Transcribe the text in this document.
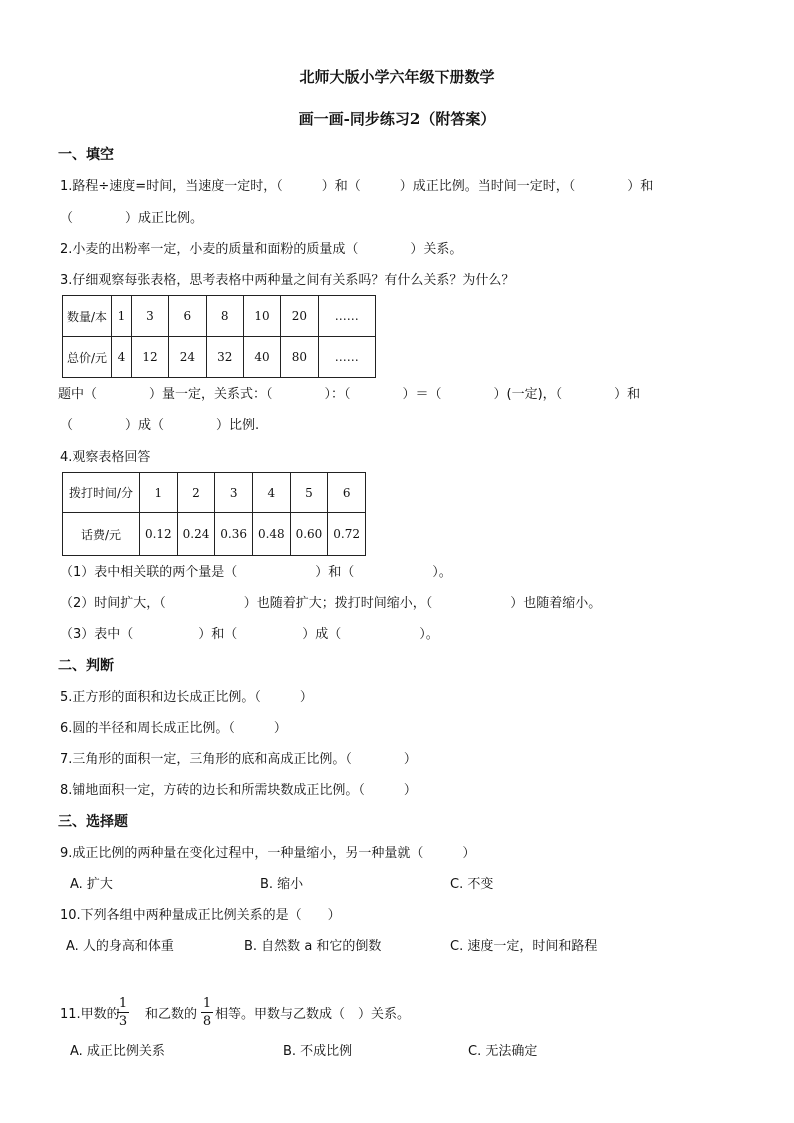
北师大版小学六年级下册数学
画一画-同步练习2（附答案）
一、填空
1.路程÷速度=时间，当速度一定时，（　　　）和（　　　）成正比例。当时间一定时，（　　　　）和
（　　　　）成正比例。
2.小麦的出粉率一定，小麦的质量和面粉的质量成（　　　　）关系。
3.仔细观察每张表格，思考表格中两种量之间有关系吗？有什么关系？为什么？
数量/本	1	3	6	8	10	20	……
总价/元	4	12	24	32	40	80	……
题中（　　　　）量一定，关系式：（　　　　）：（　　　　）＝（　　　　）(一定)，（　　　　）和
（　　　　）成（　　　　）比例.
4.观察表格回答
拨打时间/分	1	2	3	4	5	6
话费/元	0.12	0.24	0.36	0.48	0.60	0.72
（1）表中相关联的两个量是（　　　　　　）和（　　　　　　）。
（2）时间扩大，（　　　　　　）也随着扩大；拨打时间缩小，（　　　　　　）也随着缩小。
（3）表中（　　　　　）和（　　　　　）成（　　　　　　）。
二、判断
5.正方形的面积和边长成正比例。（　　　）
6.圆的半径和周长成正比例。（　　　）
7.三角形的面积一定，三角形的底和高成正比例。（　　　　）
8.铺地面积一定，方砖的边长和所需块数成正比例。（　　　）
三、选择题
9.成正比例的两种量在变化过程中，一种量缩小，另一种量就（　　　）
A. 扩大	B. 缩小	C. 不变
10.下列各组中两种量成正比例关系的是（　　）
A. 人的身高和体重	B. 自然数 a 和它的倒数	C. 速度一定，时间和路程
11.甲数的
1
3 和乙数的
1
8 相等。甲数与乙数成（　）关系。
A. 成正比例关系	B. 不成比例	C. 无法确定
